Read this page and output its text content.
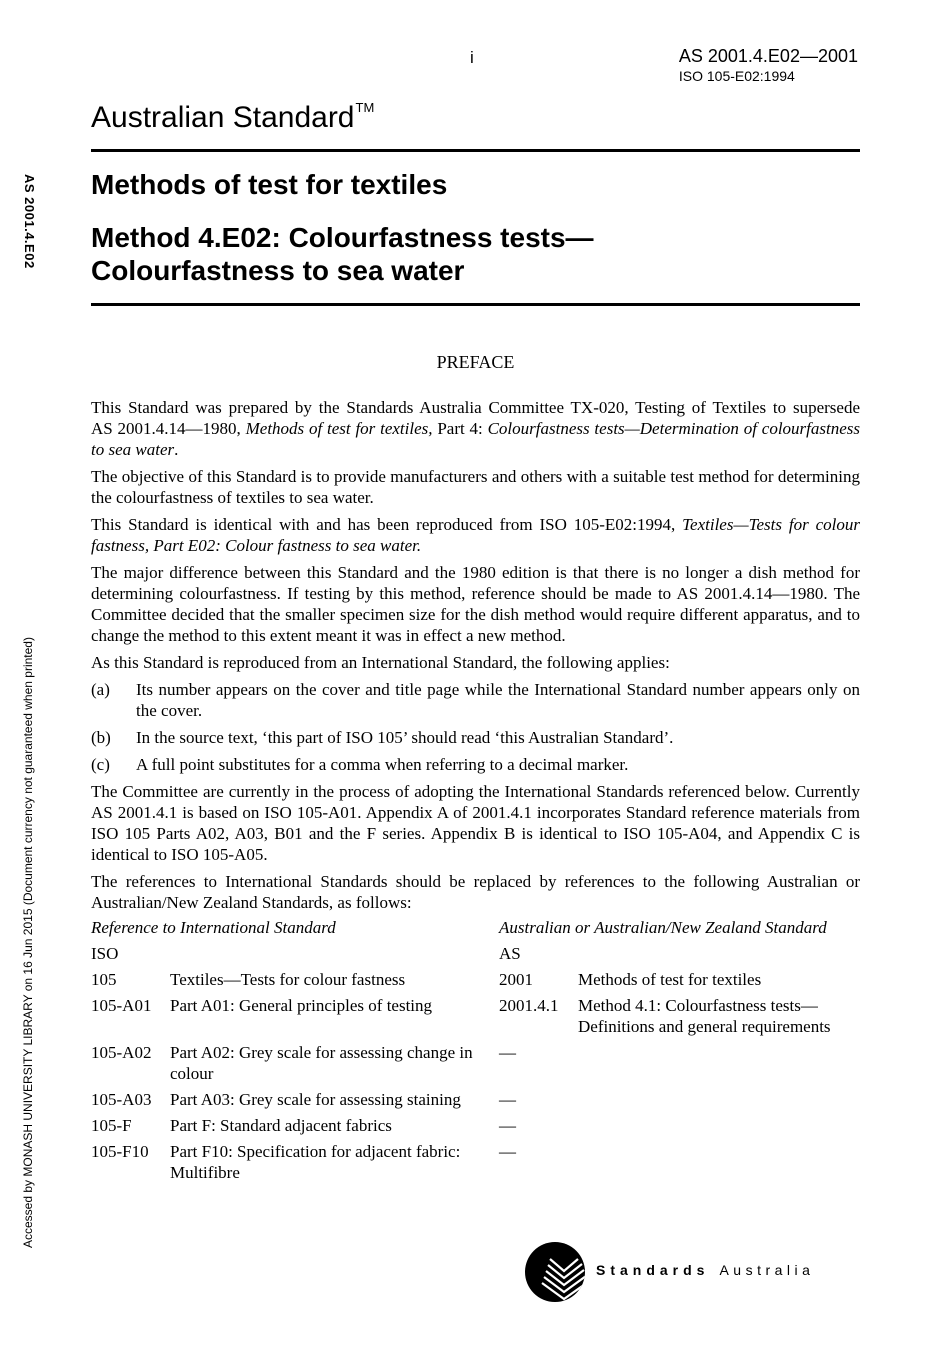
i	AS 2001.4.E02—2001
ISO 105-E02:1994
Australian Standard™
Methods of test for textiles
Method 4.E02: Colourfastness tests—
Colourfastness to sea water
AS 2001.4.E02
Accessed by MONASH UNIVERSITY LIBRARY on 16 Jun 2015 (Document currency not guaranteed when printed)
PREFACE

This Standard was prepared by the Standards Australia Committee TX-020, Testing of Textiles to supersede AS 2001.4.14—1980, Methods of test for textiles, Part 4: Colourfastness tests—Determination of colourfastness to sea water.

The objective of this Standard is to provide manufacturers and others with a suitable test method for determining the colourfastness of textiles to sea water.

This Standard is identical with and has been reproduced from ISO 105-E02:1994, Textiles—Tests for colour fastness, Part E02: Colour fastness to sea water.

The major difference between this Standard and the 1980 edition is that there is no longer a dish method for determining colourfastness. If testing by this method, reference should be made to AS 2001.4.14—1980. The Committee decided that the smaller specimen size for the dish method would require different apparatus, and to change the method to this extent meant it was in effect a new method.

As this Standard is reproduced from an International Standard, the following applies:

(a)	Its number appears on the cover and title page while the International Standard number appears only on the cover.
(b)	In the source text, ‘this part of ISO 105’ should read ‘this Australian Standard’.
(c)	A full point substitutes for a comma when referring to a decimal marker.

The Committee are currently in the process of adopting the International Standards referenced below. Currently AS 2001.4.1 is based on ISO 105-A01. Appendix A of 2001.4.1 incorporates Standard reference materials from ISO 105 Parts A02, A03, B01 and the F series. Appendix B is identical to ISO 105-A04, and Appendix C is identical to ISO 105-A05.

The references to International Standards should be replaced by references to the following Australian or Australian/New Zealand Standards, as follows:

Reference to International Standard		Australian or Australian/New Zealand Standard	
ISO		AS	
105	Textiles—Tests for colour fastness	2001	Methods of test for textiles
105-A01	Part A01: General principles of testing	2001.4.1	Method 4.1: Colourfastness tests—Definitions and general requirements
105-A02	Part A02: Grey scale for assessing change in colour	—	
105-A03	Part A03: Grey scale for assessing staining	—	
105-F	Part F: Standard adjacent fabrics	—	
105-F10	Part F10: Specification for adjacent fabric: Multifibre	—	
Standards Australia
